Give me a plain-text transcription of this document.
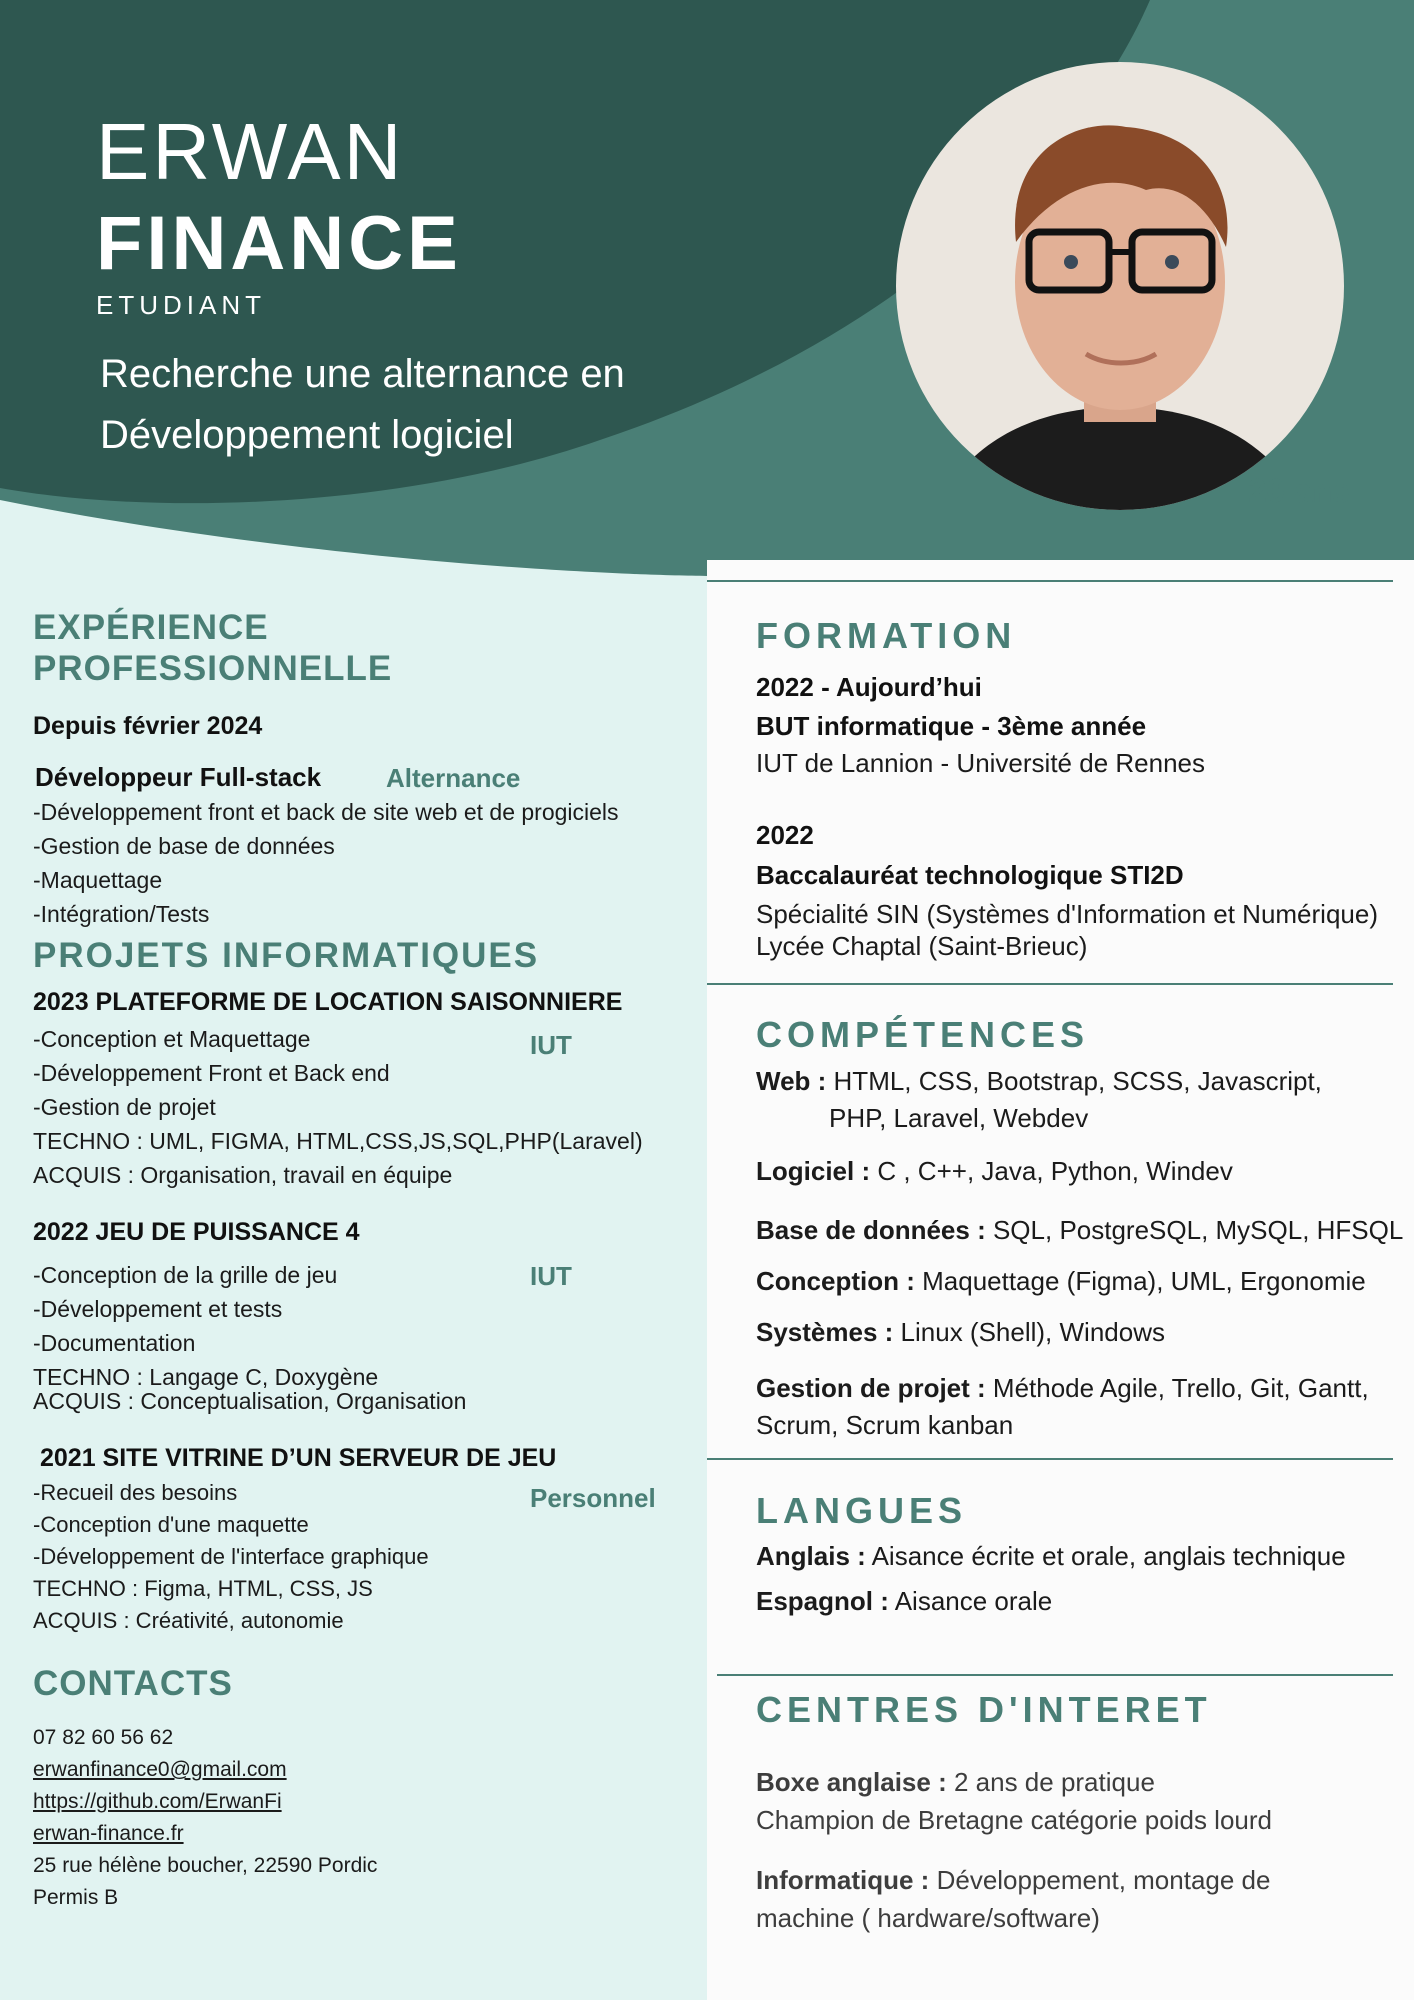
ERWAN
FINANCE
ETUDIANT
Recherche une alternance en
Développement logiciel
20 ans
EXPÉRIENCE
PROFESSIONNELLE
Depuis février 2024
Développeur Full-stack Alternance
-Développement front et back de site web et de progiciels
-Gestion de base de données
-Maquettage
-Intégration/Tests
PROJETS INFORMATIQUES
2023 PLATEFORME DE LOCATION SAISONNIERE
IUT
-Conception et Maquettage
-Développement Front et Back end
-Gestion de projet
TECHNO : UML, FIGMA, HTML,CSS,JS,SQL,PHP(Laravel)
ACQUIS : Organisation, travail en équipe
2022 JEU DE PUISSANCE 4
IUT
-Conception de la grille de jeu
-Développement et tests
-Documentation
TECHNO : Langage C, Doxygène
ACQUIS : Conceptualisation, Organisation
2021 SITE VITRINE D’UN SERVEUR DE JEU
Personnel
-Recueil des besoins
-Conception d'une maquette
-Développement de l'interface graphique
TECHNO : Figma, HTML, CSS, JS
ACQUIS : Créativité, autonomie
CONTACTS
07 82 60 56 62
erwanfinance0@gmail.com
https://github.com/ErwanFi
erwan-finance.fr
25 rue hélène boucher, 22590 Pordic
Permis B
FORMATION
2022 - Aujourd’hui
BUT informatique - 3ème année
IUT de Lannion - Université de Rennes
2022
Baccalauréat technologique STI2D
Spécialité SIN (Systèmes d'Information et Numérique)
Lycée Chaptal (Saint-Brieuc)
COMPÉTENCES
Web : HTML, CSS, Bootstrap, SCSS, Javascript,
PHP, Laravel, Webdev
Logiciel : C , C++, Java, Python, Windev
Base de données : SQL, PostgreSQL, MySQL, HFSQL
Conception : Maquettage (Figma), UML, Ergonomie
Systèmes : Linux (Shell), Windows
Gestion de projet : Méthode Agile, Trello, Git, Gantt,
Scrum, Scrum kanban
LANGUES
Anglais : Aisance écrite et orale, anglais technique
Espagnol : Aisance orale
CENTRES D'INTERET
Boxe anglaise : 2 ans de pratique
Champion de Bretagne catégorie poids lourd
Informatique : Développement, montage de
machine ( hardware/software)
